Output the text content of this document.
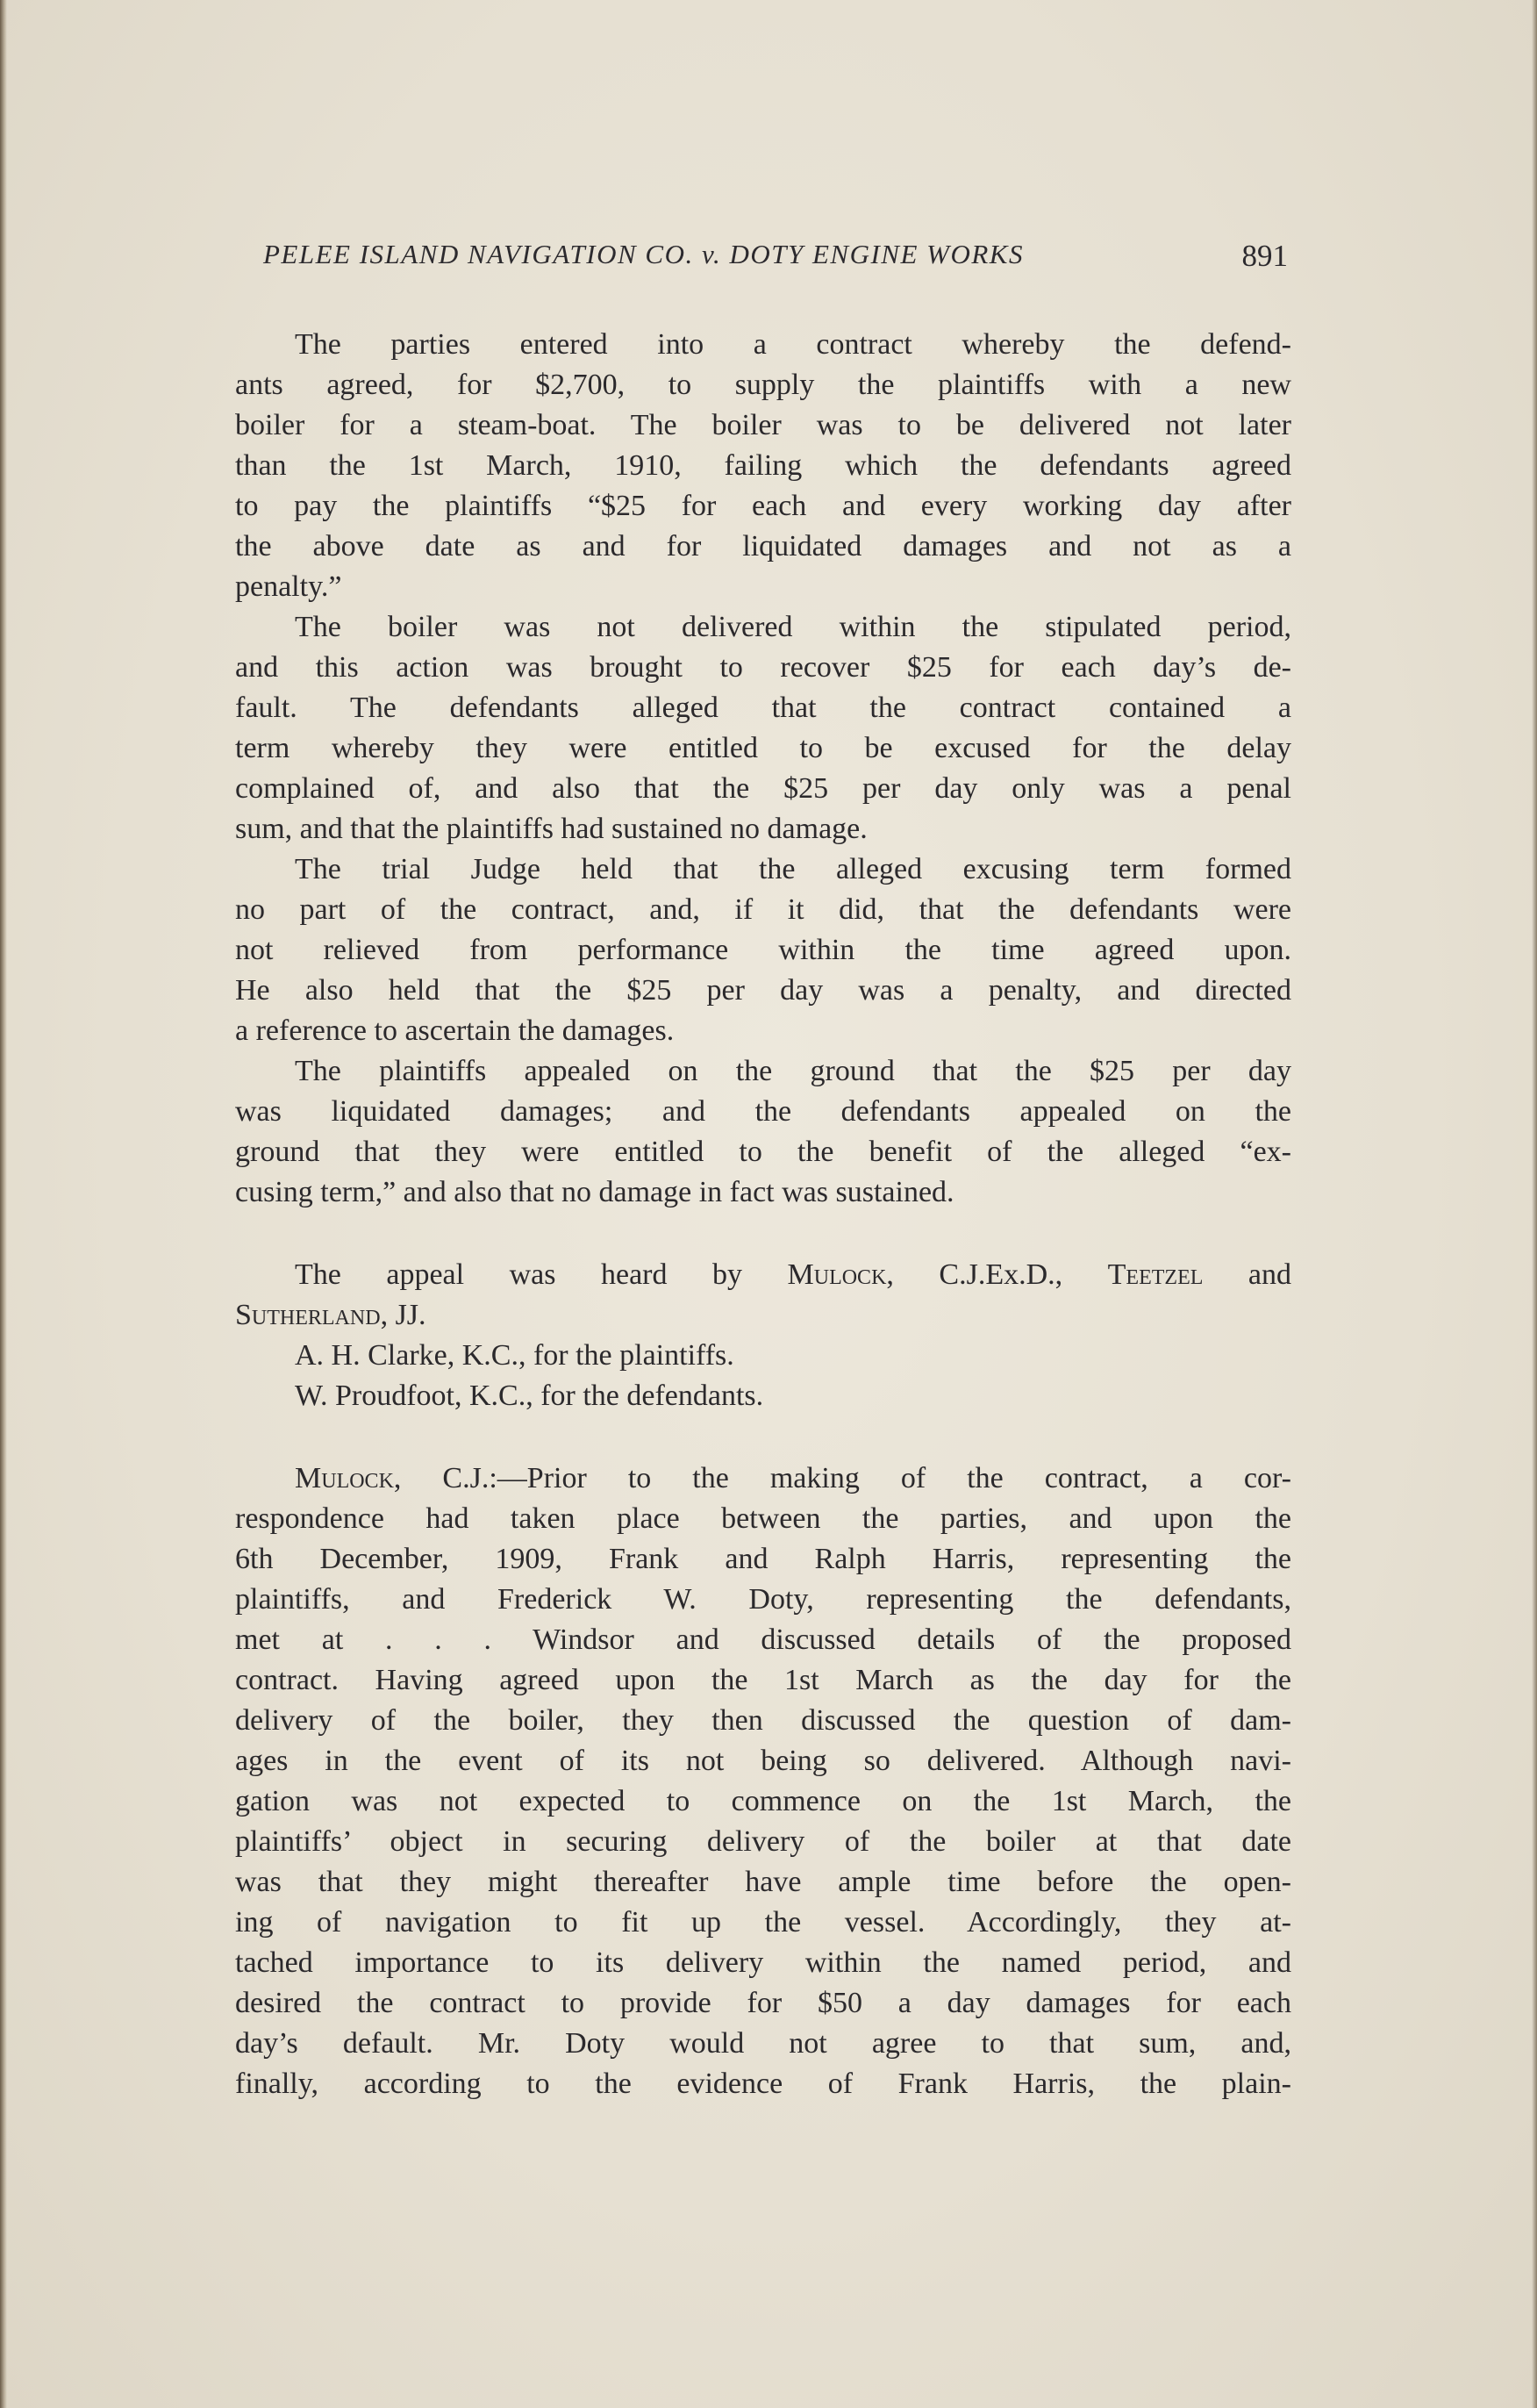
PELEE ISLAND NAVIGATION CO. v. DOTY ENGINE WORKS	891
The parties entered into a contract whereby the defend-
ants agreed, for $2,700, to supply the plaintiffs with a new
boiler for a steam-boat. The boiler was to be delivered not later
than the 1st March, 1910, failing which the defendants agreed
to pay the plaintiffs “$25 for each and every working day after
the above date as and for liquidated damages and not as a
penalty.”
The boiler was not delivered within the stipulated period,
and this action was brought to recover $25 for each day’s de-
fault. The defendants alleged that the contract contained a
term whereby they were entitled to be excused for the delay
complained of, and also that the $25 per day only was a penal
sum, and that the plaintiffs had sustained no damage.
The trial Judge held that the alleged excusing term formed
no part of the contract, and, if it did, that the defendants were
not relieved from performance within the time agreed upon.
He also held that the $25 per day was a penalty, and directed
a reference to ascertain the damages.
The plaintiffs appealed on the ground that the $25 per day
was liquidated damages; and the defendants appealed on the
ground that they were entitled to the benefit of the alleged “ex-
cusing term,” and also that no damage in fact was sustained.
The appeal was heard by Mulock, C.J.Ex.D., Teetzel and
Sutherland, JJ.
A. H. Clarke, K.C., for the plaintiffs.
W. Proudfoot, K.C., for the defendants.
Mulock, C.J.:—Prior to the making of the contract, a cor-
respondence had taken place between the parties, and upon the
6th December, 1909, Frank and Ralph Harris, representing the
plaintiffs, and Frederick W. Doty, representing the defendants,
met at . . . Windsor and discussed details of the proposed
contract. Having agreed upon the 1st March as the day for the
delivery of the boiler, they then discussed the question of dam-
ages in the event of its not being so delivered. Although navi-
gation was not expected to commence on the 1st March, the
plaintiffs’ object in securing delivery of the boiler at that date
was that they might thereafter have ample time before the open-
ing of navigation to fit up the vessel. Accordingly, they at-
tached importance to its delivery within the named period, and
desired the contract to provide for $50 a day damages for each
day’s default. Mr. Doty would not agree to that sum, and,
finally, according to the evidence of Frank Harris, the plain-
